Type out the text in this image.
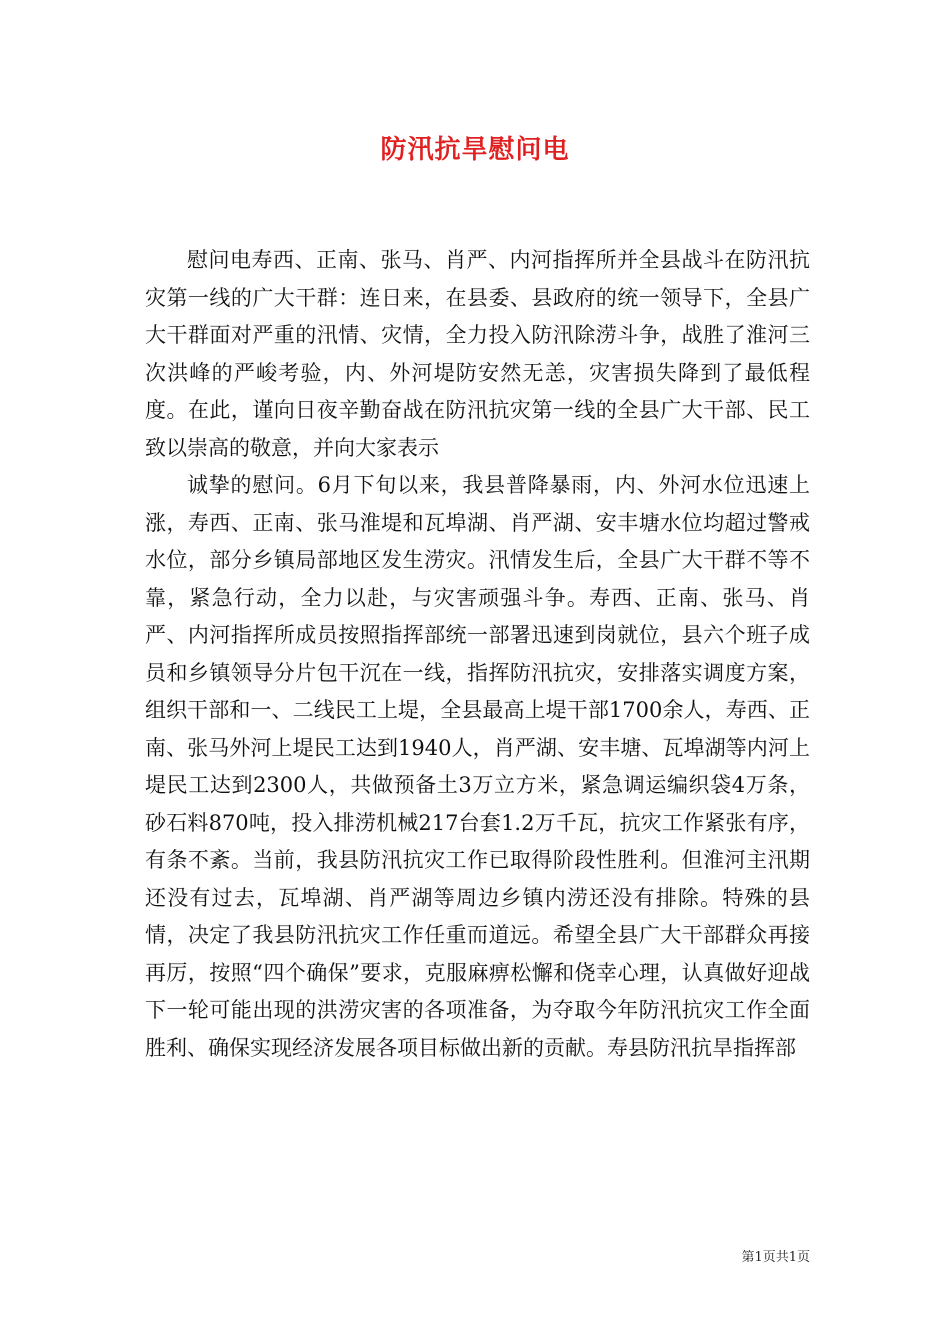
防汛抗旱慰问电

慰问电寿西、正南、张马、肖严、内河指挥所并全县战斗在防汛抗灾第一线的广大干群：连日来，在县委、县政府的统一领导下，全县广大干群面对严重的汛情、灾情，全力投入防汛除涝斗争，战胜了淮河三次洪峰的严峻考验，内、外河堤防安然无恙，灾害损失降到了最低程度。在此，谨向日夜辛勤奋战在防汛抗灾第一线的全县广大干部、民工致以崇高的敬意，并向大家表示

诚挚的慰问。6月下旬以来，我县普降暴雨，内、外河水位迅速上涨，寿西、正南、张马淮堤和瓦埠湖、肖严湖、安丰塘水位均超过警戒水位，部分乡镇局部地区发生涝灾。汛情发生后，全县广大干群不等不靠，紧急行动，全力以赴，与灾害顽强斗争。寿西、正南、张马、肖严、内河指挥所成员按照指挥部统一部署迅速到岗就位，县六个班子成员和乡镇领导分片包干沉在一线，指挥防汛抗灾，安排落实调度方案，组织干部和一、二线民工上堤，全县最高上堤干部1700余人，寿西、正南、张马外河上堤民工达到1940人，肖严湖、安丰塘、瓦埠湖等内河上堤民工达到2300人，共做预备土3万立方米，紧急调运编织袋4万条，砂石料870吨，投入排涝机械217台套1.2万千瓦，抗灾工作紧张有序，有条不紊。当前，我县防汛抗灾工作已取得阶段性胜利。但淮河主汛期还没有过去，瓦埠湖、肖严湖等周边乡镇内涝还没有排除。特殊的县情，决定了我县防汛抗灾工作任重而道远。希望全县广大干部群众再接再厉，按照“四个确保”要求，克服麻痹松懈和侥幸心理，认真做好迎战下一轮可能出现的洪涝灾害的各项准备，为夺取今年防汛抗灾工作全面胜利、确保实现经济发展各项目标做出新的贡献。寿县防汛抗旱指挥部

第1页共1页
